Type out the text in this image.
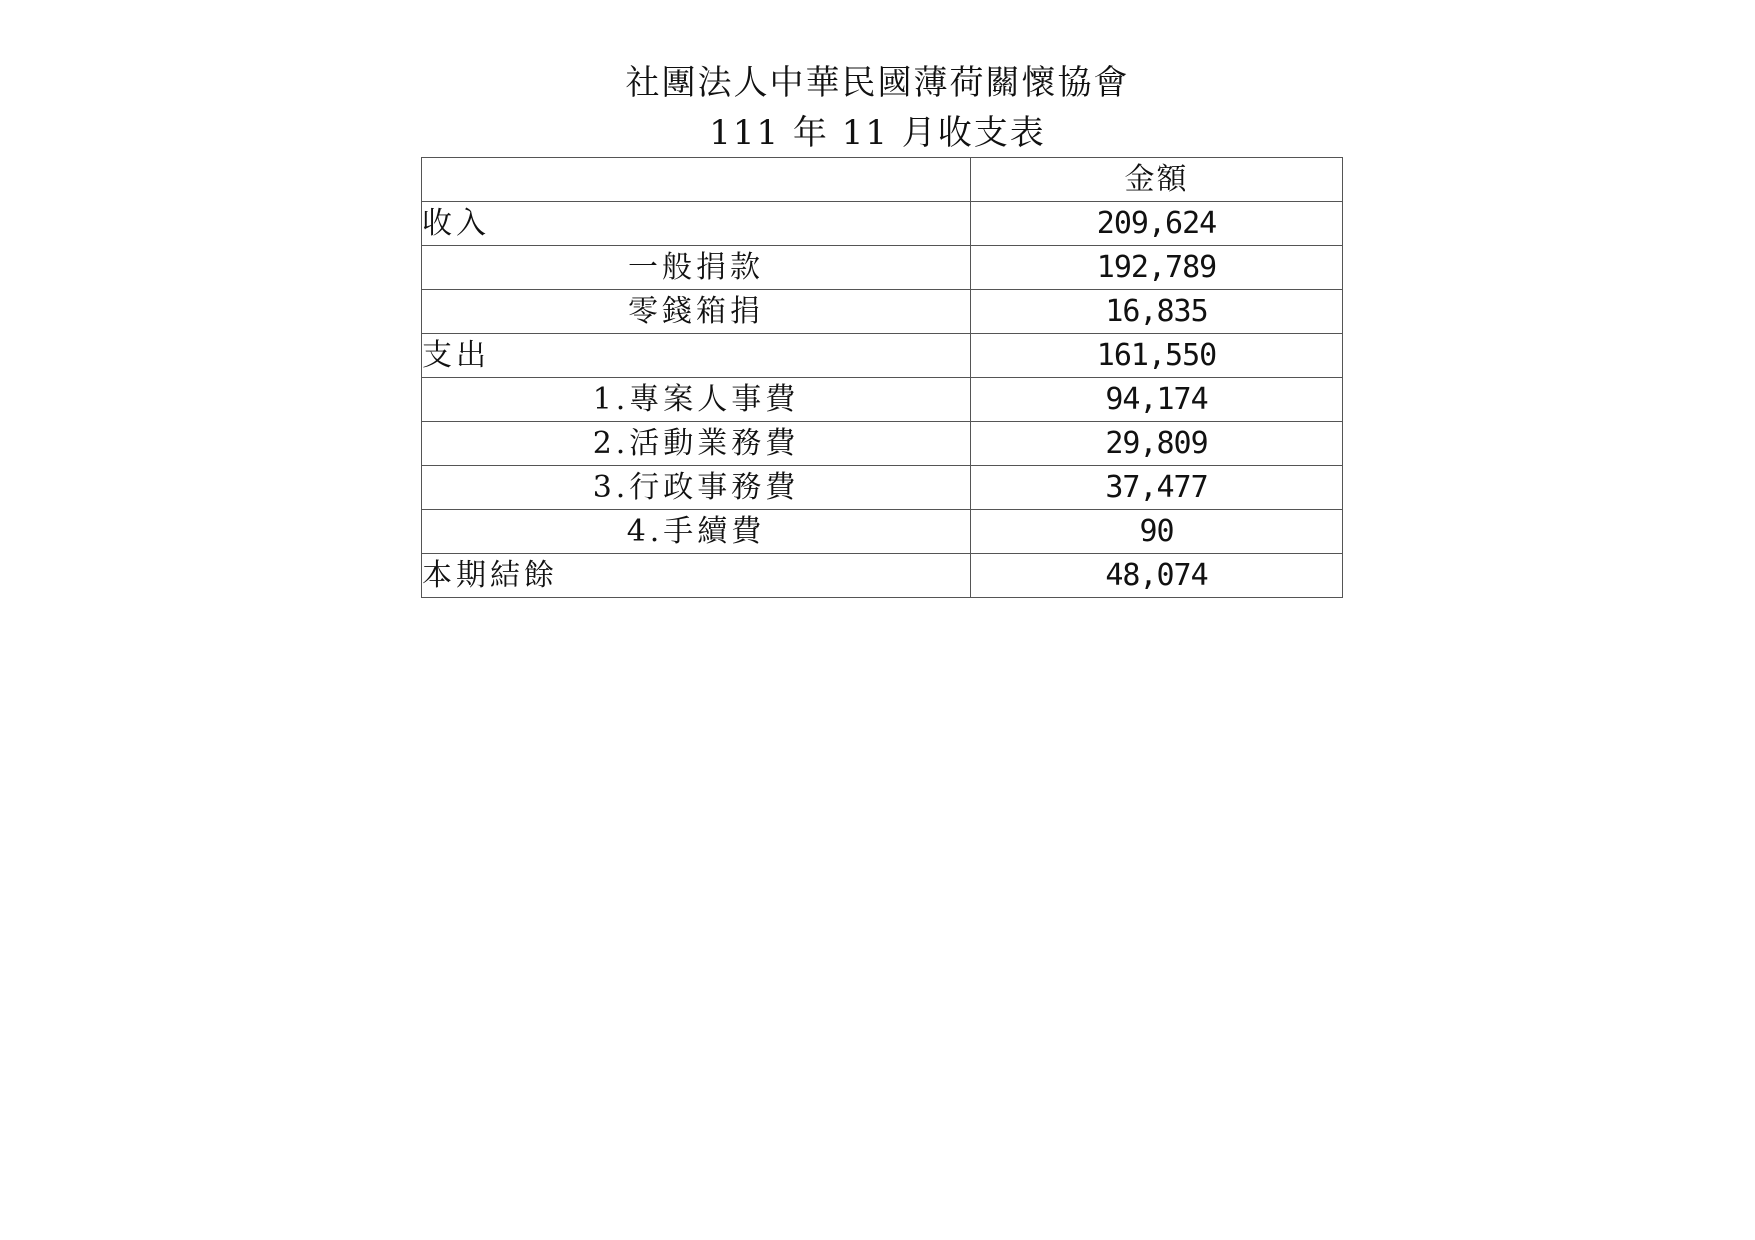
社團法人中華民國薄荷關懷協會
111 年 11 月收支表
	金額
收入	209,624
一般捐款	192,789
零錢箱捐	16,835
支出	161,550
1.專案人事費	94,174
2.活動業務費	29,809
3.行政事務費	37,477
4.手續費	90
本期結餘	48,074
